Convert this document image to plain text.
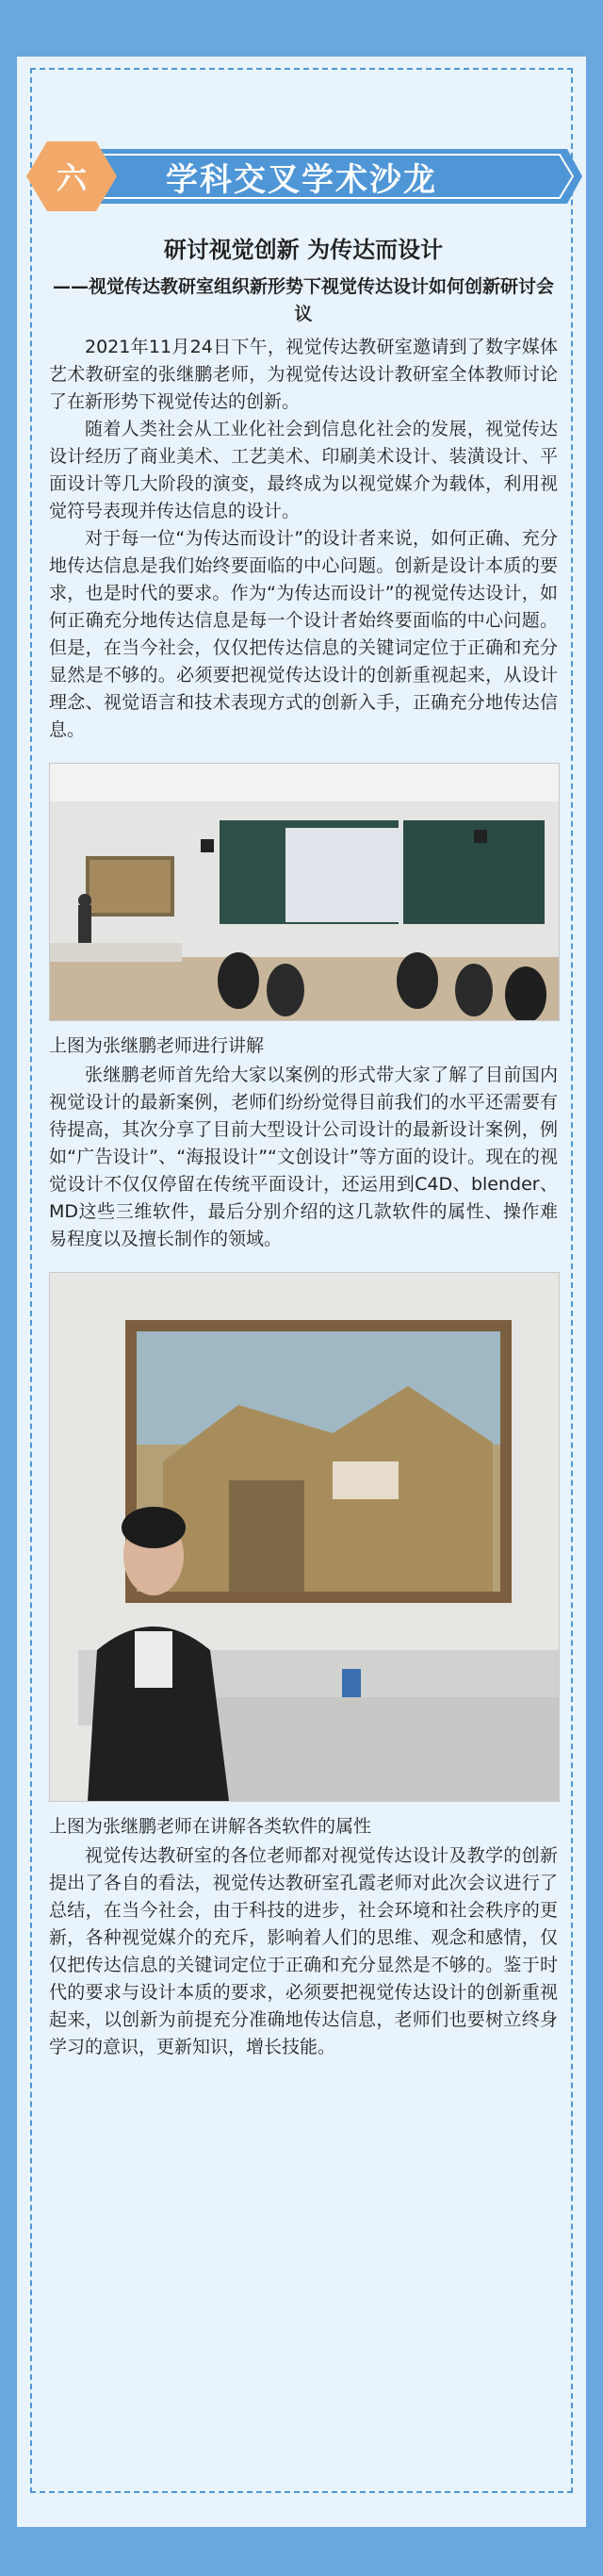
六	学科交叉学术沙龙
研讨视觉创新 为传达而设计

——视觉传达教研室组织新形势下视觉传达设计如何创新研讨会议

2021年11月24日下午，视觉传达教研室邀请到了数字媒体艺术教研室的张继鹏老师，为视觉传达设计教研室全体教师讨论了在新形势下视觉传达的创新。

随着人类社会从工业化社会到信息化社会的发展，视觉传达设计经历了商业美术、工艺美术、印刷美术设计、装潢设计、平面设计等几大阶段的演变，最终成为以视觉媒介为载体，利用视觉符号表现并传达信息的设计。

对于每一位“为传达而设计”的设计者来说，如何正确、充分地传达信息是我们始终要面临的中心问题。创新是设计本质的要求，也是时代的要求。作为“为传达而设计”的视觉传达设计，如何正确充分地传达信息是每一个设计者始终要面临的中心问题。但是，在当今社会，仅仅把传达信息的关键词定位于正确和充分显然是不够的。必须要把视觉传达设计的创新重视起来，从设计理念、视觉语言和技术表现方式的创新入手，正确充分地传达信息。

上图为张继鹏老师进行讲解

张继鹏老师首先给大家以案例的形式带大家了解了目前国内视觉设计的最新案例，老师们纷纷觉得目前我们的水平还需要有待提高，其次分享了目前大型设计公司设计的最新设计案例，例如“广告设计”、“海报设计”“文创设计”等方面的设计。现在的视觉设计不仅仅停留在传统平面设计，还运用到C4D、blender、MD这些三维软件，最后分别介绍的这几款软件的属性、操作难易程度以及擅长制作的领域。

上图为张继鹏老师在讲解各类软件的属性

视觉传达教研室的各位老师都对视觉传达设计及教学的创新提出了各自的看法，视觉传达教研室孔霞老师对此次会议进行了总结，在当今社会，由于科技的进步，社会环境和社会秩序的更新，各种视觉媒介的充斥，影响着人们的思维、观念和感情，仅仅把传达信息的关键词定位于正确和充分显然是不够的。鉴于时代的要求与设计本质的要求，必须要把视觉传达设计的创新重视起来，以创新为前提充分准确地传达信息，老师们也要树立终身学习的意识，更新知识，增长技能。
